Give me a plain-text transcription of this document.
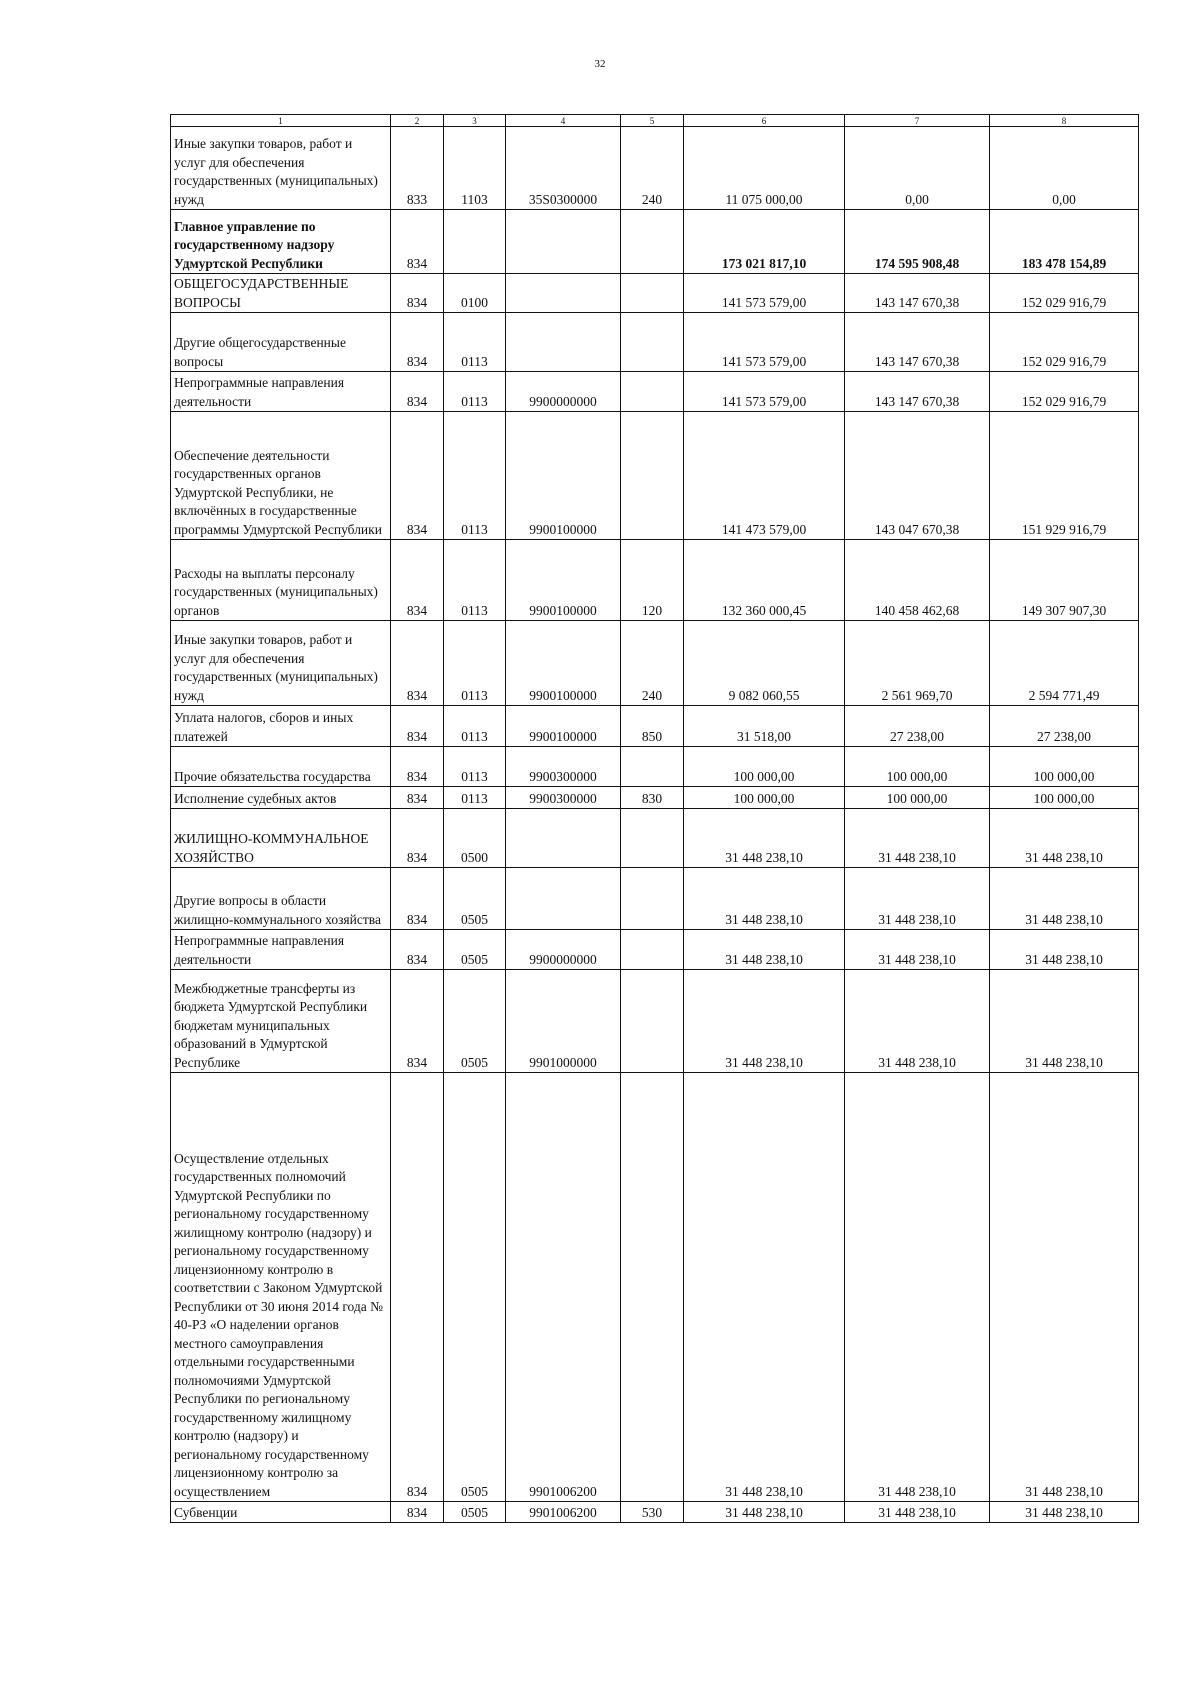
32
1	2	3	4	5	6	7	8
Иные закупки товаров, работ и услуг для обеспечения государственных (муниципальных) нужд	833	1103	35S0300000	240	11 075 000,00	0,00	0,00
Главное управление по государственному надзору Удмуртской Республики	834				173 021 817,10	174 595 908,48	183 478 154,89
ОБЩЕГОСУДАРСТВЕННЫЕ ВОПРОСЫ	834	0100			141 573 579,00	143 147 670,38	152 029 916,79
Другие общегосударственные вопросы	834	0113			141 573 579,00	143 147 670,38	152 029 916,79
Непрограммные направления деятельности	834	0113	9900000000		141 573 579,00	143 147 670,38	152 029 916,79
Обеспечение деятельности государственных органов Удмуртской Республики, не включённых в государственные программы Удмуртской Республики	834	0113	9900100000		141 473 579,00	143 047 670,38	151 929 916,79
Расходы на выплаты персоналу государственных (муниципальных) органов	834	0113	9900100000	120	132 360 000,45	140 458 462,68	149 307 907,30
Иные закупки товаров, работ и услуг для обеспечения государственных (муниципальных) нужд	834	0113	9900100000	240	9 082 060,55	2 561 969,70	2 594 771,49
Уплата налогов, сборов и иных платежей	834	0113	9900100000	850	31 518,00	27 238,00	27 238,00
Прочие обязательства государства	834	0113	9900300000		100 000,00	100 000,00	100 000,00
Исполнение судебных актов	834	0113	9900300000	830	100 000,00	100 000,00	100 000,00
ЖИЛИЩНО-КОММУНАЛЬНОЕ ХОЗЯЙСТВО	834	0500			31 448 238,10	31 448 238,10	31 448 238,10
Другие вопросы в области жилищно-коммунального хозяйства	834	0505			31 448 238,10	31 448 238,10	31 448 238,10
Непрограммные направления деятельности	834	0505	9900000000		31 448 238,10	31 448 238,10	31 448 238,10
Межбюджетные трансферты из бюджета Удмуртской Республики бюджетам муниципальных образований в Удмуртской Республике	834	0505	9901000000		31 448 238,10	31 448 238,10	31 448 238,10
Осуществление отдельных государственных полномочий Удмуртской Республики по региональному государственному жилищному контролю (надзору) и региональному государственному лицензионному контролю в соответствии с Законом Удмуртской Республики от 30 июня 2014 года № 40-РЗ «О наделении органов местного самоуправления отдельными государственными полномочиями Удмуртской Республики по региональному государственному жилищному контролю (надзору) и региональному государственному лицензионному контролю за осуществлением	834	0505	9901006200		31 448 238,10	31 448 238,10	31 448 238,10
Субвенции	834	0505	9901006200	530	31 448 238,10	31 448 238,10	31 448 238,10
